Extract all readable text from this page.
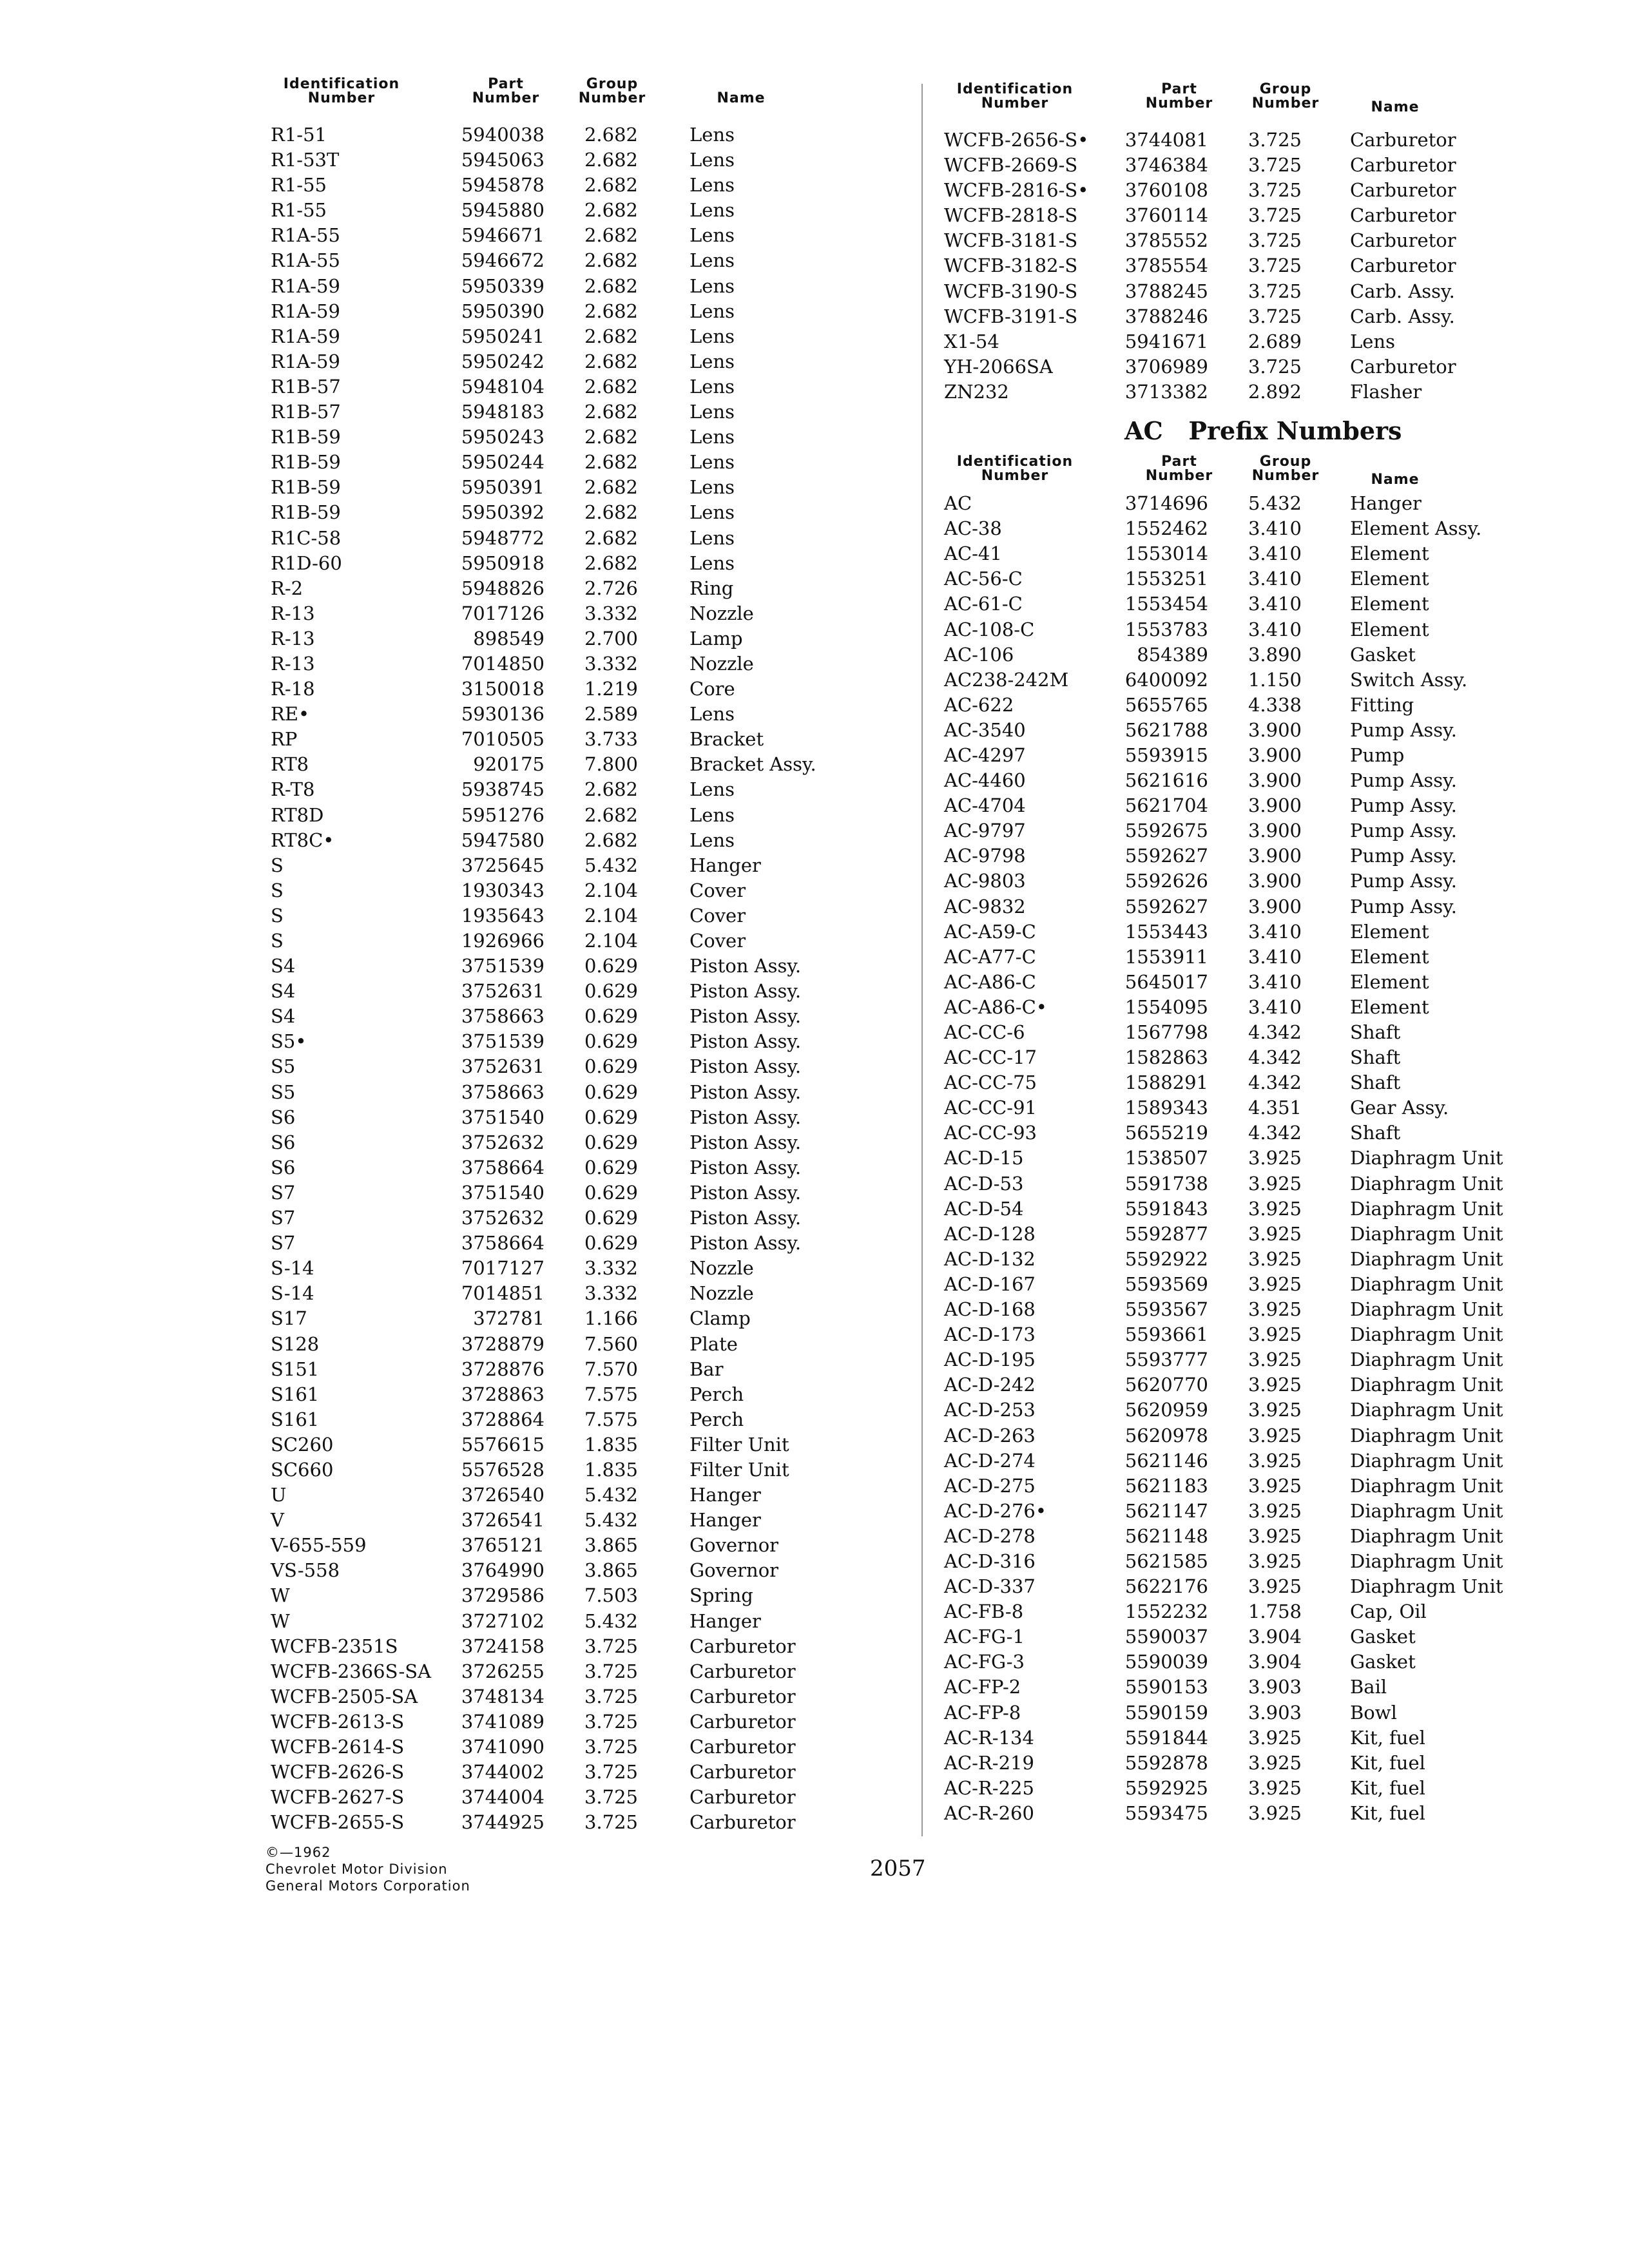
Identification
Number
Part
Number
Group
Number	Name
R1-51	5940038 2.682	Lens
R1-53T	5945063 2.682	Lens
R1-55	5945878 2.682	Lens
R1-55	5945880 2.682	Lens
R1A-55	5946671 2.682	Lens
R1A-55	5946672 2.682	Lens
R1A-59	5950339 2.682	Lens
R1A-59	5950390 2.682	Lens
R1A-59	5950241 2.682	Lens
R1A-59	5950242 2.682	Lens
R1B-57	5948104 2.682	Lens
R1B-57	5948183 2.682	Lens
R1B-59	5950243 2.682	Lens
R1B-59	5950244 2.682	Lens
R1B-59	5950391 2.682	Lens
R1B-59	5950392 2.682	Lens
R1C-58	5948772 2.682	Lens
R1D-60	5950918 2.682	Lens
R-2	5948826 2.726	Ring
R-13	7017126 3.332	Nozzle
R-13	898549 2.700	Lamp
R-13	7014850 3.332	Nozzle
R-18	3150018 1.219	Core
RE•	5930136 2.589	Lens
RP	7010505 3.733	Bracket
RT8	920175 7.800	Bracket Assy.
R-T8	5938745 2.682	Lens
RT8D	5951276 2.682	Lens
RT8C•	5947580 2.682	Lens
S	3725645 5.432	Hanger
S	1930343 2.104	Cover
S	1935643 2.104	Cover
S	1926966 2.104	Cover
S4	3751539 0.629	Piston Assy.
S4	3752631 0.629	Piston Assy.
S4	3758663 0.629	Piston Assy.
S5•	3751539 0.629	Piston Assy.
S5	3752631 0.629	Piston Assy.
S5	3758663 0.629	Piston Assy.
S6	3751540 0.629	Piston Assy.
S6	3752632 0.629	Piston Assy.
S6	3758664 0.629	Piston Assy.
S7	3751540 0.629	Piston Assy.
S7	3752632 0.629	Piston Assy.
S7	3758664 0.629	Piston Assy.
S-14	7017127 3.332	Nozzle
S-14	7014851 3.332	Nozzle
S17	372781 1.166	Clamp
S128	3728879 7.560	Plate
S151	3728876 7.570	Bar
S161	3728863 7.575	Perch
S161	3728864 7.575	Perch
SC260	5576615 1.835	Filter Unit
SC660	5576528 1.835	Filter Unit
U	3726540 5.432	Hanger
V	3726541 5.432	Hanger
V-655-559	3765121 3.865	Governor
VS-558	3764990 3.865	Governor
W	3729586 7.503	Spring
W	3727102 5.432	Hanger
WCFB-2351S	3724158 3.725	Carburetor
WCFB-2366S-SA 3726255 3.725	Carburetor
WCFB-2505-SA 3748134 3.725	Carburetor
WCFB-2613-S	3741089 3.725	Carburetor
WCFB-2614-S	3741090 3.725	Carburetor
WCFB-2626-S	3744002 3.725	Carburetor
WCFB-2627-S	3744004 3.725	Carburetor
WCFB-2655-S	3744925 3.725	Carburetor
Identification
Number
Part
Number
Group
Number	Name
WCFB-2656-S• 3744081 3.725	Carburetor
WCFB-2669-S	3746384 3.725	Carburetor
WCFB-2816-S• 3760108 3.725	Carburetor
WCFB-2818-S	3760114 3.725	Carburetor
WCFB-3181-S	3785552 3.725	Carburetor
WCFB-3182-S	3785554 3.725	Carburetor
WCFB-3190-S	3788245 3.725	Carb. Assy.
WCFB-3191-S	3788246 3.725	Carb. Assy.
X1-54	5941671 2.689	Lens
YH-2066SA	3706989 3.725	Carburetor
ZN232	3713382 2.892	Flasher
AC   Prefix Numbers
Identification
Number
Part
Number
Group
Number	Name
AC	3714696 5.432	Hanger
AC-38	1552462 3.410	Element Assy.
AC-41	1553014 3.410	Element
AC-56-C	1553251 3.410	Element
AC-61-C	1553454 3.410	Element
AC-108-C	1553783 3.410	Element
AC-106	854389 3.890	Gasket
AC238-242M	6400092 1.150	Switch Assy.
AC-622	5655765 4.338	Fitting
AC-3540	5621788 3.900	Pump Assy.
AC-4297	5593915 3.900	Pump
AC-4460	5621616 3.900	Pump Assy.
AC-4704	5621704 3.900	Pump Assy.
AC-9797	5592675 3.900	Pump Assy.
AC-9798	5592627 3.900	Pump Assy.
AC-9803	5592626 3.900	Pump Assy.
AC-9832	5592627 3.900	Pump Assy.
AC-A59-C	1553443 3.410	Element
AC-A77-C	1553911 3.410	Element
AC-A86-C	5645017 3.410	Element
AC-A86-C•	1554095 3.410	Element
AC-CC-6	1567798 4.342	Shaft
AC-CC-17	1582863 4.342	Shaft
AC-CC-75	1588291 4.342	Shaft
AC-CC-91	1589343 4.351	Gear Assy.
AC-CC-93	5655219 4.342	Shaft
AC-D-15	1538507 3.925	Diaphragm Unit
AC-D-53	5591738 3.925	Diaphragm Unit
AC-D-54	5591843 3.925	Diaphragm Unit
AC-D-128	5592877 3.925	Diaphragm Unit
AC-D-132	5592922 3.925	Diaphragm Unit
AC-D-167	5593569 3.925	Diaphragm Unit
AC-D-168	5593567 3.925	Diaphragm Unit
AC-D-173	5593661 3.925	Diaphragm Unit
AC-D-195	5593777 3.925	Diaphragm Unit
AC-D-242	5620770 3.925	Diaphragm Unit
AC-D-253	5620959 3.925	Diaphragm Unit
AC-D-263	5620978 3.925	Diaphragm Unit
AC-D-274	5621146 3.925	Diaphragm Unit
AC-D-275	5621183 3.925	Diaphragm Unit
AC-D-276•	5621147 3.925	Diaphragm Unit
AC-D-278	5621148 3.925	Diaphragm Unit
AC-D-316	5621585 3.925	Diaphragm Unit
AC-D-337	5622176 3.925	Diaphragm Unit
AC-FB-8	1552232 1.758	Cap, Oil
AC-FG-1	5590037 3.904	Gasket
AC-FG-3	5590039 3.904	Gasket
AC-FP-2	5590153 3.903	Bail
AC-FP-8	5590159 3.903	Bowl
AC-R-134	5591844 3.925	Kit, fuel
AC-R-219	5592878 3.925	Kit, fuel
AC-R-225	5592925 3.925	Kit, fuel
AC-R-260	5593475 3.925	Kit, fuel
©—1962
Chevrolet Motor Division
General Motors Corporation
2057
